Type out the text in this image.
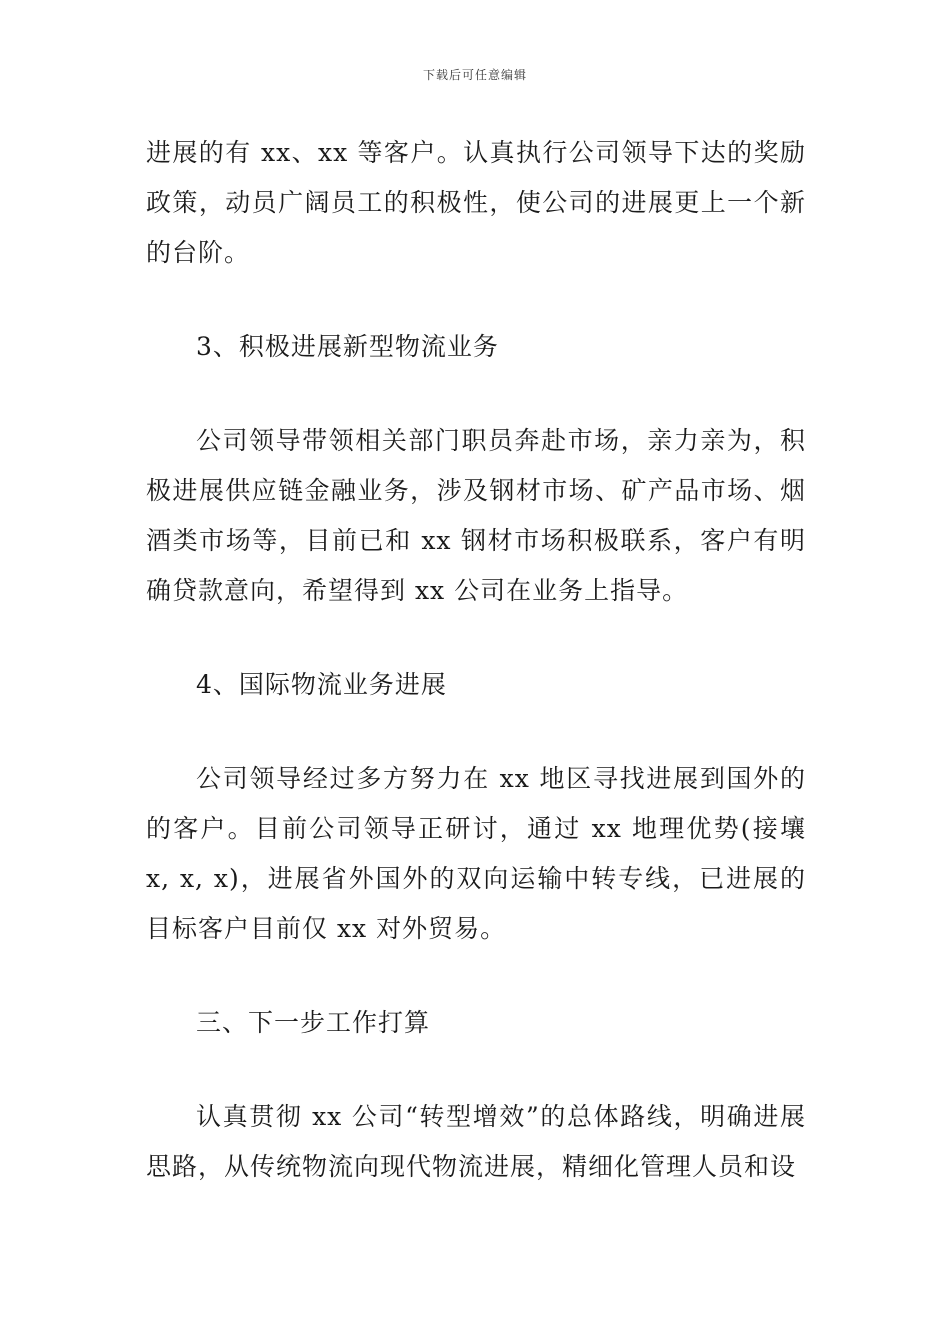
下载后可任意编辑

进展的有 xx、xx 等客户。认真执行公司领导下达的奖励政策，动员广阔员工的积极性，使公司的进展更上一个新的台阶。

3、积极进展新型物流业务

公司领导带领相关部门职员奔赴市场，亲力亲为，积极进展供应链金融业务，涉及钢材市场、矿产品市场、烟酒类市场等，目前已和 xx 钢材市场积极联系，客户有明确贷款意向，希望得到 xx 公司在业务上指导。

4、国际物流业务进展

公司领导经过多方努力在 xx 地区寻找进展到国外的的客户。目前公司领导正研讨，通过 xx 地理优势(接壤 x, x, x)，进展省外国外的双向运输中转专线，已进展的目标客户目前仅 xx 对外贸易。

三、下一步工作打算

认真贯彻 xx 公司“转型增效”的总体路线，明确进展思路，从传统物流向现代物流进展，精细化管理人员和设
